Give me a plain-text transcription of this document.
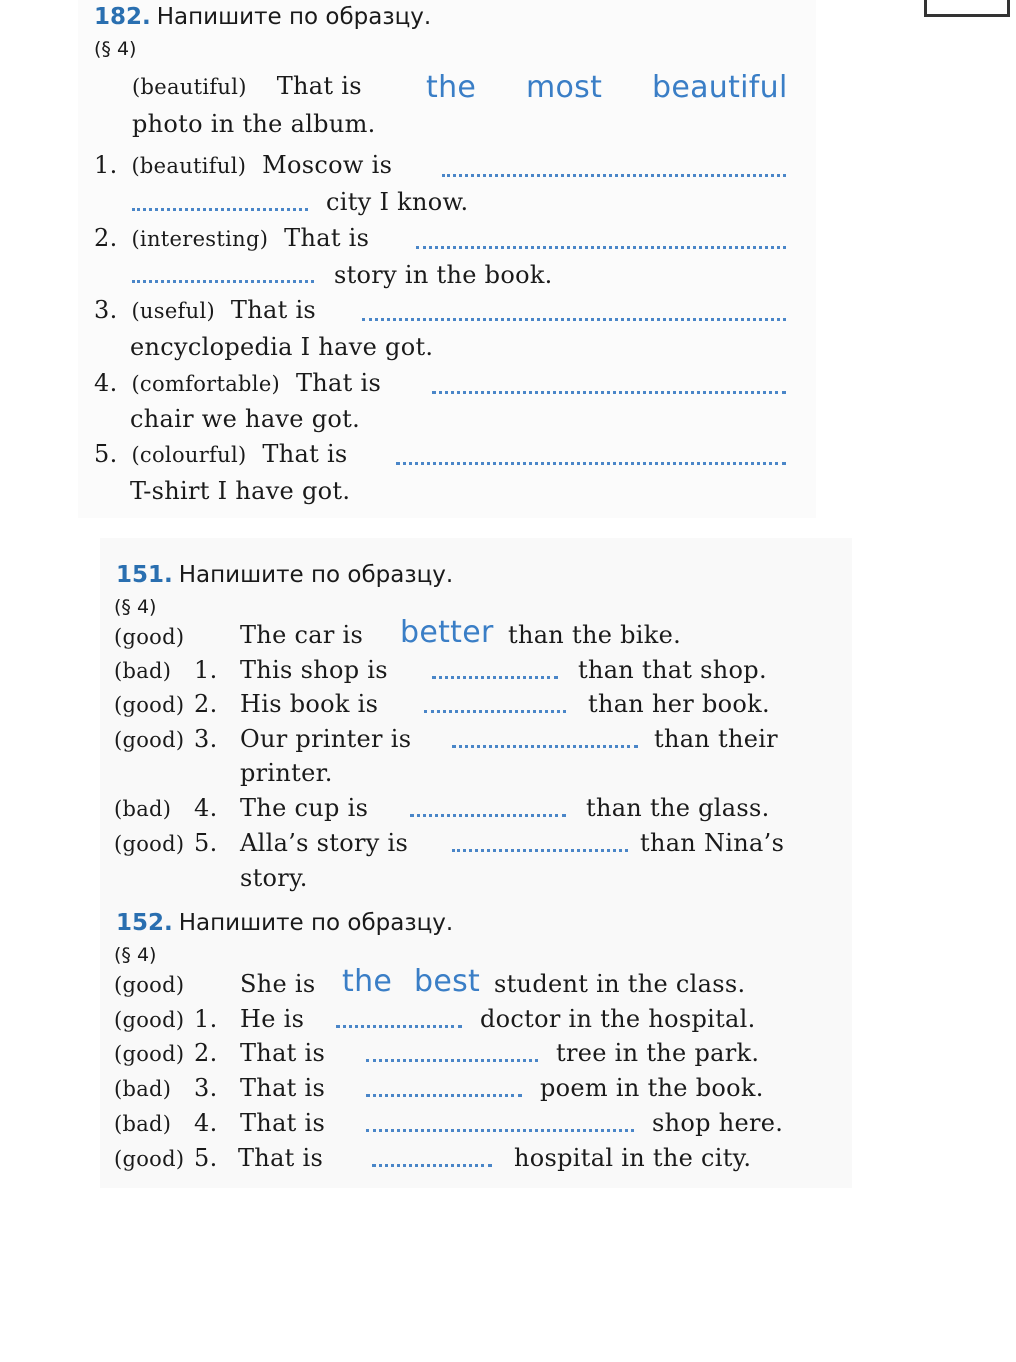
182. Напишите по образцу.
(§ 4)
(beautiful) That is the most beautiful
photo in the album.
1. (beautiful) Moscow is
city I know.
2. (interesting) That is
story in the book.
3. (useful) That is
encyclopedia I have got.
4. (comfortable) That is
chair we have got.
5. (colourful) That is
T-shirt I have got.
151. Напишите по образцу.
(§ 4)
(good) The car is better than the bike.
(bad) 1. This shop is	than that shop.
(good) 2. His book is	than her book.
(good) 3. Our printer is	than their
printer.
(bad) 4. The cup is	than the glass.
(good) 5. Alla’s story is	than Nina’s
story.
152. Напишите по образцу.
(§ 4)
(good) She is the best student in the class.
(good) 1. He is	doctor in the hospital.
(good) 2. That is	tree in the park.
(bad) 3. That is	poem in the book.
(bad) 4. That is	shop here.
(good) 5. That is	hospital in the city.
